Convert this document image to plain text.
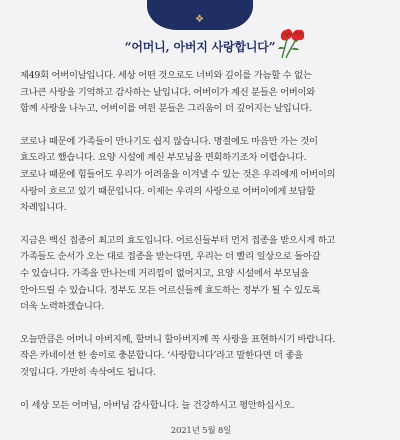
❖
“어머니, 아버지 사랑합니다”

제49회 어버이날입니다. 세상 어떤 것으로도 너비와 깊이를 가늠할 수 없는
크나큰 사랑을 기억하고 감사하는 날입니다. 어버이가 계신 분들은 어버이와
함께 사랑을 나누고, 어버이를 여읜 분들은 그리움이 더 깊어지는 날입니다.

코로나 때문에 가족들이 만나기도 쉽지 않습니다. 명절에도 마음만 가는 것이
효도라고 했습니다. 요양 시설에 계신 부모님을 면회하기조차 어렵습니다.
코로나 때문에 힘들어도 우리가 어려움을 이겨낼 수 있는 것은 우리에게 어버이의
사랑이 흐르고 있기 때문입니다. 이제는 우리의 사랑으로 어버이에게 보답할
차례입니다.

지금은 백신 접종이 최고의 효도입니다. 어르신들부터 먼저 접종을 받으시게 하고
가족들도 순서가 오는 대로 접종을 받는다면, 우리는 더 빨리 일상으로 돌아갈
수 있습니다. 가족을 만나는데 거리낌이 없어지고, 요양 시설에서 부모님을
안아드릴 수 있습니다. 정부도 모든 어르신들께 효도하는 정부가 될 수 있도록
더욱 노력하겠습니다.

오늘만큼은 어머니 아버지께, 할머니 할아버지께 꼭 사랑을 표현하시기 바랍니다.
작은 카네이션 한 송이로 충분합니다. ‘사랑합니다’라고 말한다면 더 좋을
것입니다. 가만히 속삭여도 됩니다.

이 세상 모든 어머님, 아버님 감사합니다. 늘 건강하시고 평안하십시오.

2021년 5월 8일
